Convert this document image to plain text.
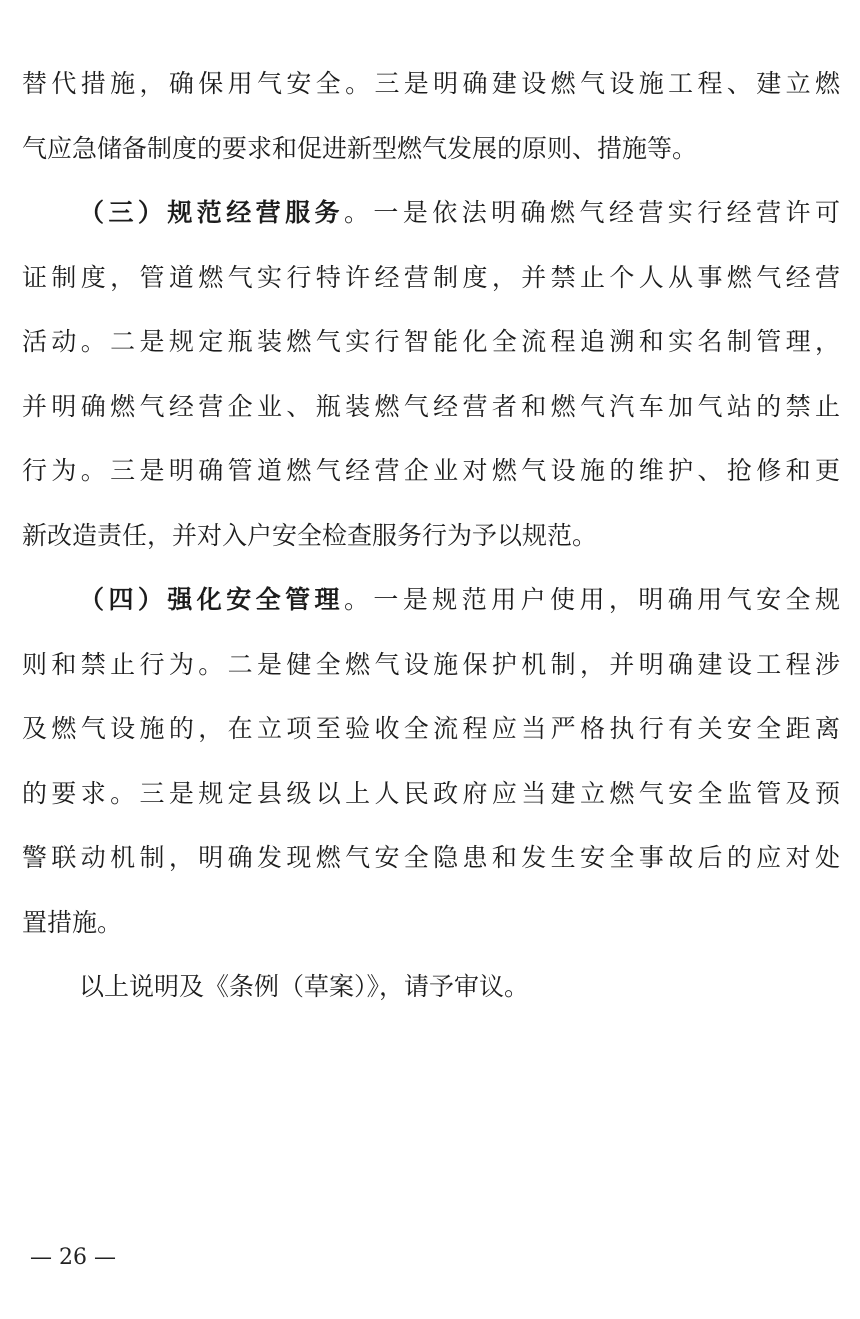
替代措施，确保用气安全。三是明确建设燃气设施工程、建立燃
气应急储备制度的要求和促进新型燃气发展的原则、措施等。
（三）规范经营服务。一是依法明确燃气经营实行经营许可
证制度，管道燃气实行特许经营制度，并禁止个人从事燃气经营
活动。二是规定瓶装燃气实行智能化全流程追溯和实名制管理，
并明确燃气经营企业、瓶装燃气经营者和燃气汽车加气站的禁止
行为。三是明确管道燃气经营企业对燃气设施的维护、抢修和更
新改造责任，并对入户安全检查服务行为予以规范。
（四）强化安全管理。一是规范用户使用，明确用气安全规
则和禁止行为。二是健全燃气设施保护机制，并明确建设工程涉
及燃气设施的，在立项至验收全流程应当严格执行有关安全距离
的要求。三是规定县级以上人民政府应当建立燃气安全监管及预
警联动机制，明确发现燃气安全隐患和发生安全事故后的应对处
置措施。
以上说明及《条例（草案）》，请予审议。
— 26 —
